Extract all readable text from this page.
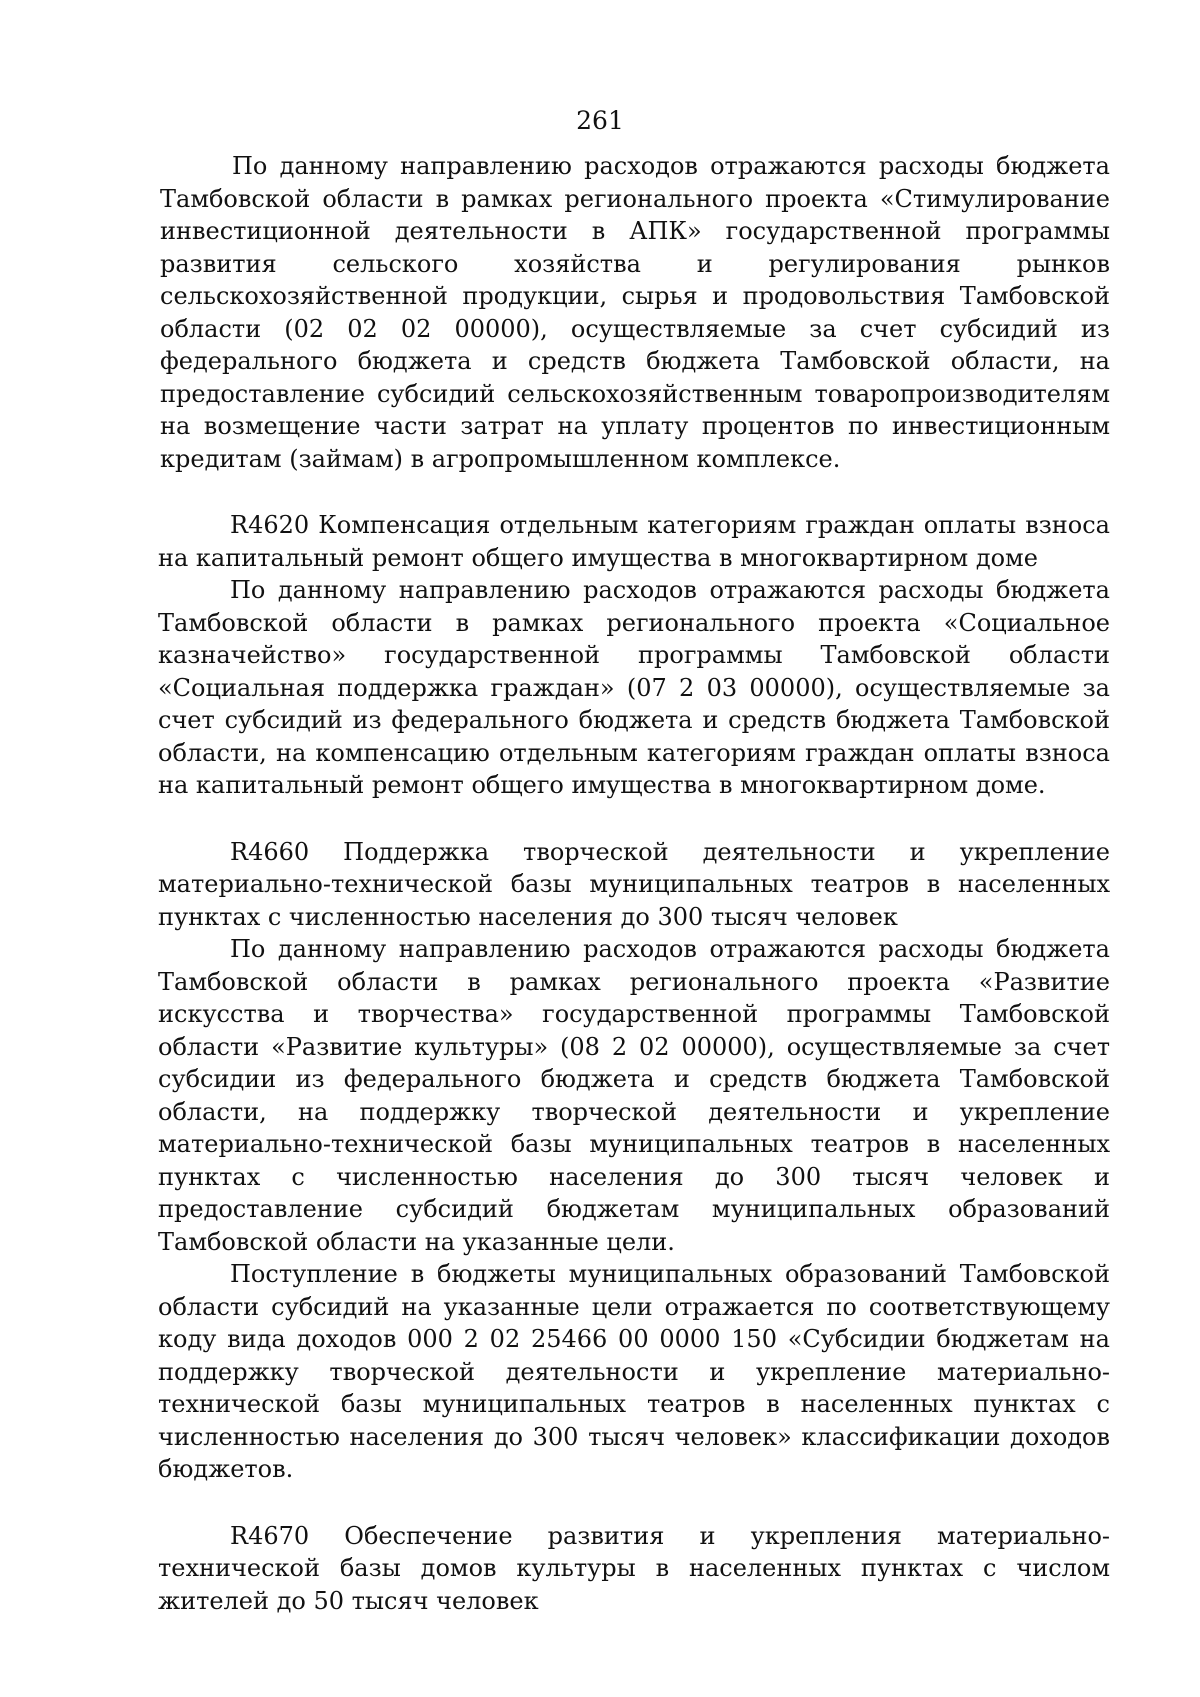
261

По данному направлению расходов отражаются расходы бюджета Тамбовской области в рамках регионального проекта «Стимулирование инвестиционной деятельности в АПК» государственной программы развития сельского хозяйства и регулирования рынков сельскохозяйственной продукции, сырья и продовольствия Тамбовской области (02 02 02 00000), осуществляемые за счет субсидий из федерального бюджета и средств бюджета Тамбовской области, на предоставление субсидий сельскохозяйственным товаропроизводителям на возмещение части затрат на уплату процентов по инвестиционным кредитам (займам) в агропромышленном комплексе.

R4620 Компенсация отдельным категориям граждан оплаты взноса на капитальный ремонт общего имущества в многоквартирном доме

По данному направлению расходов отражаются расходы бюджета Тамбовской области в рамках регионального проекта «Социальное казначейство» государственной программы Тамбовской области «Социальная поддержка граждан» (07 2 03 00000), осуществляемые за счет субсидий из федерального бюджета и средств бюджета Тамбовской области, на компенсацию отдельным категориям граждан оплаты взноса на капитальный ремонт общего имущества в многоквартирном доме.

R4660 Поддержка творческой деятельности и укрепление материально-технической базы муниципальных театров в населенных пунктах с численностью населения до 300 тысяч человек

По данному направлению расходов отражаются расходы бюджета Тамбовской области в рамках регионального проекта «Развитие искусства и творчества» государственной программы Тамбовской области «Развитие культуры» (08 2 02 00000), осуществляемые за счет субсидии из федерального бюджета и средств бюджета Тамбовской области, на поддержку творческой деятельности и укрепление материально-технической базы муниципальных театров в населенных пунктах с численностью населения до 300 тысяч человек и предоставление субсидий бюджетам муниципальных образований Тамбовской области на указанные цели.

Поступление в бюджеты муниципальных образований Тамбовской области субсидий на указанные цели отражается по соответствующему коду вида доходов 000 2 02 25466 00 0000 150 «Субсидии бюджетам на поддержку творческой деятельности и укрепление материально-технической базы муниципальных театров в населенных пунктах с численностью населения до 300 тысяч человек» классификации доходов бюджетов.

R4670 Обеспечение развития и укрепления материально-технической базы домов культуры в населенных пунктах с числом жителей до 50 тысяч человек
